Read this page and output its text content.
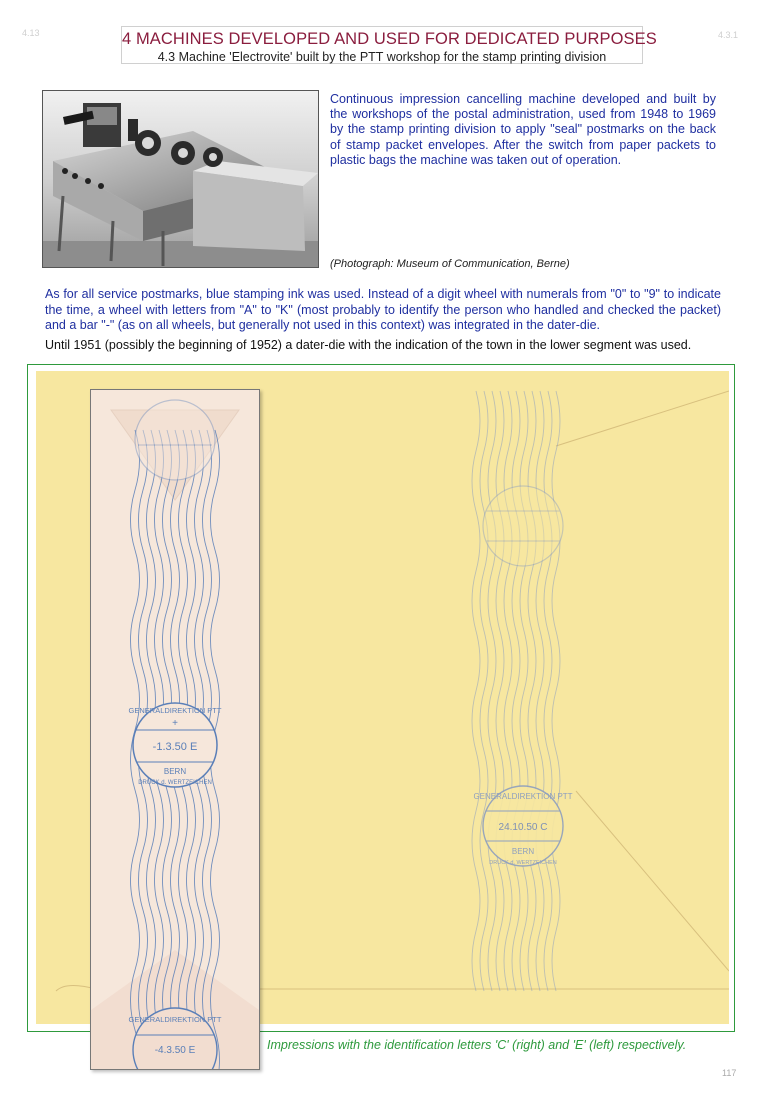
4.13	4.3.1
4 MACHINES DEVELOPED AND USED FOR DEDICATED PURPOSES
4.3 Machine 'Electrovite' built by the PTT workshop for the stamp printing division
Continuous impression cancelling machine developed and built by the workshops of the postal administration, used from 1948 to 1969 by the stamp printing division to apply "seal" postmarks on the back of stamp packet envelopes. After the switch from paper packets to plastic bags the machine was taken out of operation.
(Photograph: Museum of Communication, Berne)
As for all service postmarks, blue stamping ink was used. Instead of a digit wheel with numerals from "0" to "9" to indicate the time, a wheel with letters from "A" to "K" (most probably to identify the person who handled and checked the packet) and a bar "-" (as on all wheels, but generally not used in this context) was integrated in the dater-die.
Until 1951 (possibly the beginning of 1952) a dater-die with the indication of the town in the lower segment was used.
GENERALDIREKTION PTT
24.10.50 C
BERN
DRUCK d. WERTZEICHEN
GENERALDIREKTION PTT
+
-1.3.50 E
BERN
DRUCK d. WERTZEICHEN
GENERALDIREKTION PTT
-4.3.50 E	Impressions with the identification letters 'C' (right) and 'E' (left) respectively.
117
